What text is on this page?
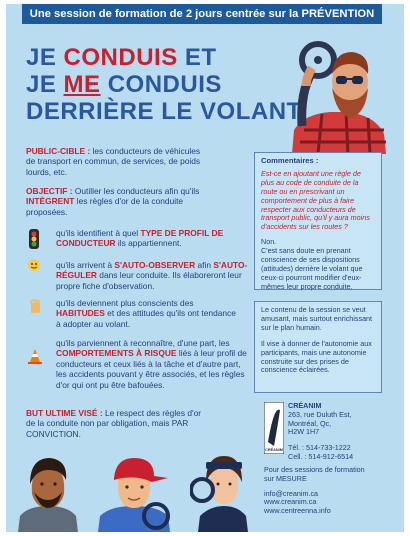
Une session de formation de 2 jours centrée sur la PRÉVENTION
JE CONDUIS ET
JE ME CONDUIS
DERRIÈRE LE VOLANT
PUBLIC-CIBLE : les conducteurs de véhicules de transport en commun, de services, de poids lourds, etc.
OBJECTIF : Outiller les conducteurs afin qu'ils INTÈGRENT les règles d'or de la conduite proposées.
qu'ils identifient à quel TYPE DE PROFIL DE CONDUCTEUR ils appartiennent.
qu'ils arrivent à S'AUTO-OBSERVER afin S'AUTO-RÉGULER dans leur conduite. Ils élaboreront leur propre fiche d'observation.
qu'ils deviennent plus conscients des HABITUDES et des attitudes qu'ils ont tendance à adopter au volant.
qu'ils parviennent à reconnaître, d'une part, les COMPORTEMENTS À RISQUE liés à leur profil de conducteurs et ceux liés à la tâche et d'autre part, les accidents pouvant y être associés, et les règles d'or qui ont pu être bafouées.
BUT ULTIME VISÉ : Le respect des règles d'or de la conduite non par obligation, mais PAR CONVICTION.
Commentaires :
Est-ce en ajoutant une règle de plus au code de conduite de la route ou en prescrivant un comportement de plus à faire respecter aux conducteurs de transport public, qu'il y aura moins d'accidents sur les routes ?
Non.
C'est sans doute en prenant conscience de ses dispositions (attitudes) derrière le volant que ceux-ci pourront modifier d'eux-mêmes leur propre conduite.
Le contenu de la session se veut amusant, mais surtout enrichissant sur le plan humain.
Il vise à donner de l'autonomie aux participants, mais une autonomie construite sur des prises de conscience éclairées.
CRÉANIM
CRÉANIM
263, rue Duluth Est,
Montréal, Qc,
H2W 1H7
Tél. : 514-733-1222
Cell. : 514-912-6514
Pour des sessions de formation
sur MESURE
info@creanim.ca
www.creanim.ca
www.centreenna.info
